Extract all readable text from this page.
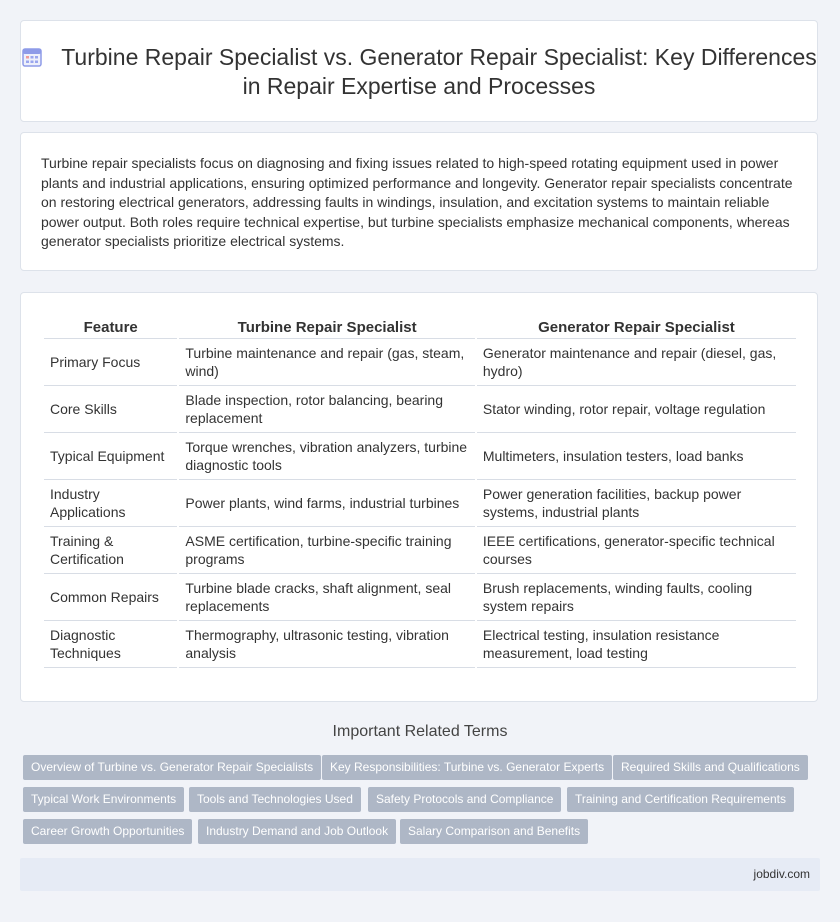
Turbine Repair Specialist vs. Generator Repair Specialist: Key Differences in Repair Expertise and Processes

Turbine repair specialists focus on diagnosing and fixing issues related to high-speed rotating equipment used in power plants and industrial applications, ensuring optimized performance and longevity. Generator repair specialists concentrate on restoring electrical generators, addressing faults in windings, insulation, and excitation systems to maintain reliable power output. Both roles require technical expertise, but turbine specialists emphasize mechanical components, whereas generator specialists prioritize electrical systems.

Feature	Turbine Repair Specialist	Generator Repair Specialist
Primary Focus	Turbine maintenance and repair (gas, steam, wind)	Generator maintenance and repair (diesel, gas, hydro)
Core Skills	Blade inspection, rotor balancing, bearing replacement	Stator winding, rotor repair, voltage regulation
Typical Equipment	Torque wrenches, vibration analyzers, turbine diagnostic tools	Multimeters, insulation testers, load banks
Industry Applications	Power plants, wind farms, industrial turbines	Power generation facilities, backup power systems, industrial plants
Training & Certification	ASME certification, turbine-specific training programs	IEEE certifications, generator-specific technical courses
Common Repairs	Turbine blade cracks, shaft alignment, seal replacements	Brush replacements, winding faults, cooling system repairs
Diagnostic Techniques	Thermography, ultrasonic testing, vibration analysis	Electrical testing, insulation resistance measurement, load testing
Important Related Terms
Overview of Turbine vs. Generator Repair Specialists	Key Responsibilities: Turbine vs. Generator Experts	Required Skills and Qualifications
Typical Work Environments	Tools and Technologies Used	Safety Protocols and Compliance	Training and Certification Requirements
Career Growth Opportunities	Industry Demand and Job Outlook	Salary Comparison and Benefits
jobdiv.com
